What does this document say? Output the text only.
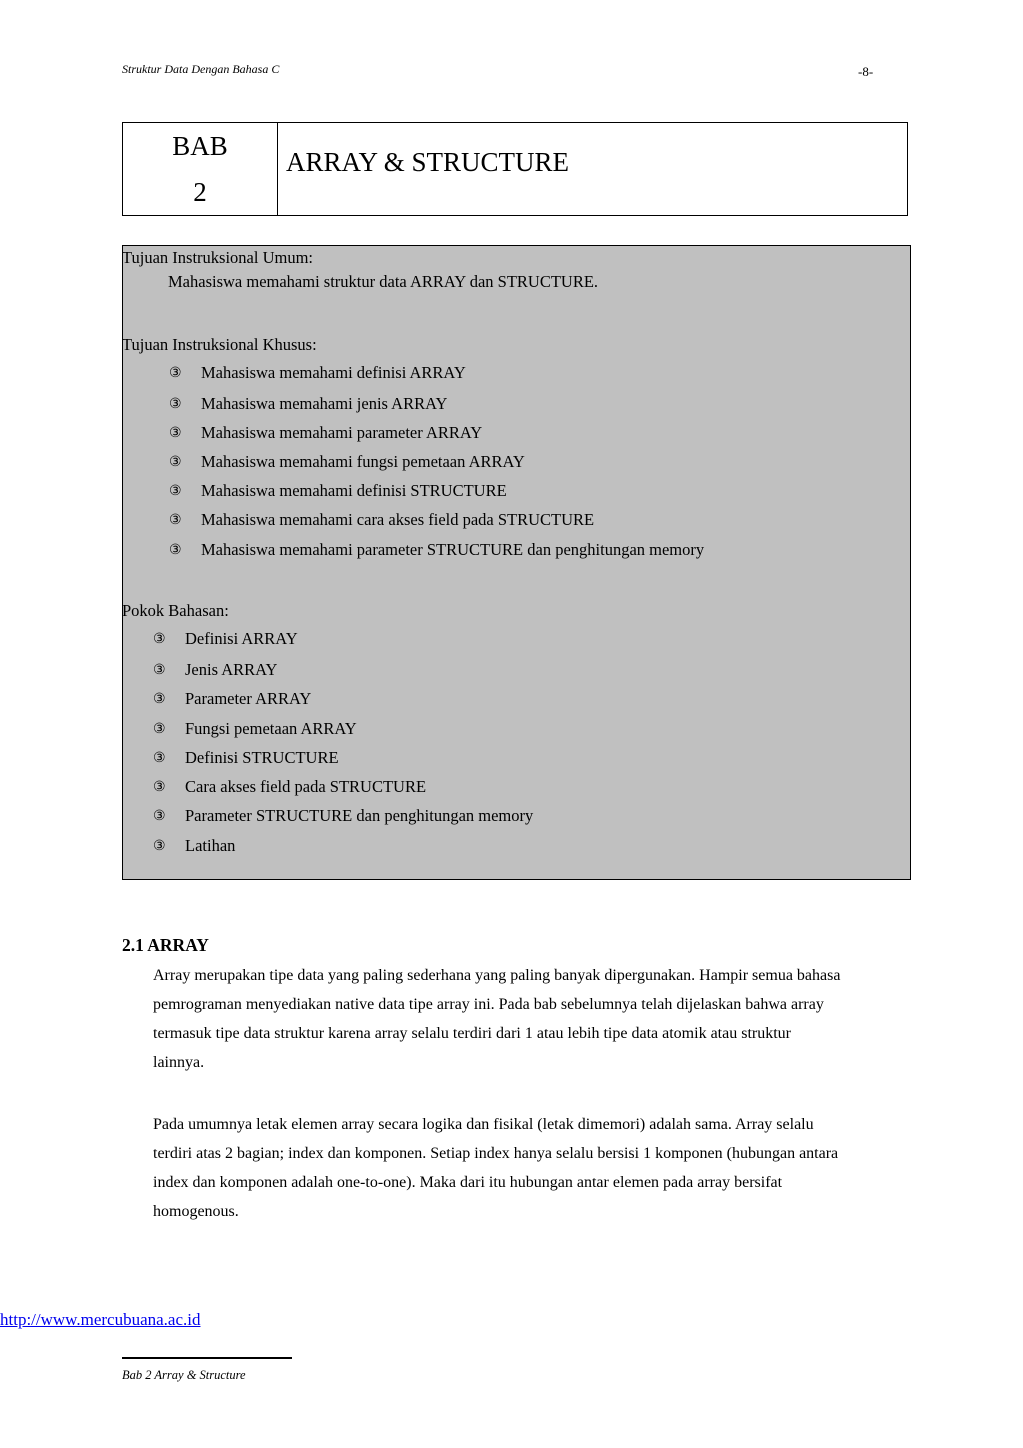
Struktur Data Dengan Bahasa C	-8-
BAB
2
ARRAY & STRUCTURE
Tujuan Instruksional Umum:
Mahasiswa memahami struktur data ARRAY dan STRUCTURE.
Tujuan Instruksional Khusus:
③ Mahasiswa memahami definisi ARRAY
③ Mahasiswa memahami jenis ARRAY
③ Mahasiswa memahami parameter ARRAY
③ Mahasiswa memahami fungsi pemetaan ARRAY
③ Mahasiswa memahami definisi STRUCTURE
③ Mahasiswa memahami cara akses field pada STRUCTURE
③ Mahasiswa memahami parameter STRUCTURE dan penghitungan memory
Pokok Bahasan:
③ Definisi ARRAY
③ Jenis ARRAY
③ Parameter ARRAY
③ Fungsi pemetaan ARRAY
③ Definisi STRUCTURE
③ Cara akses field pada STRUCTURE
③ Parameter STRUCTURE dan penghitungan memory
③ Latihan
2.1 ARRAY
Array merupakan tipe data yang paling sederhana yang paling banyak dipergunakan. Hampir semua bahasa pemrograman menyediakan native data tipe array ini. Pada bab sebelumnya telah dijelaskan bahwa array termasuk tipe data struktur karena array selalu terdiri dari 1 atau lebih tipe data atomik atau struktur lainnya.
Pada umumnya letak elemen array secara logika dan fisikal (letak dimemori) adalah sama. Array selalu terdiri atas 2 bagian; index dan komponen. Setiap index hanya selalu bersisi 1 komponen (hubungan antara index dan komponen adalah one-to-one). Maka dari itu hubungan antar elemen pada array bersifat homogenous.
http://www.mercubuana.ac.id
Bab 2 Array & Structure
